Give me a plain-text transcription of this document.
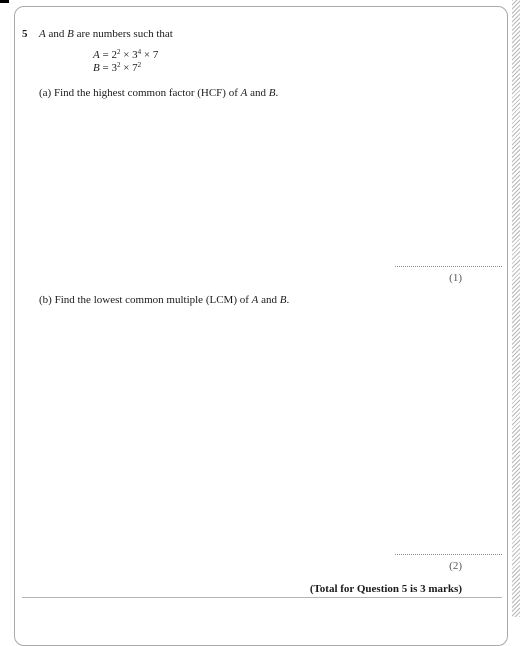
5 A and B are numbers such that
$A = 2^2 \times 3^4 \times 7$
$B = 3^2 \times 7^2$
(a) Find the highest common factor (HCF) of A and B.
(1)
(b) Find the lowest common multiple (LCM) of A and B.
(2)
(Total for Question 5 is 3 marks)
